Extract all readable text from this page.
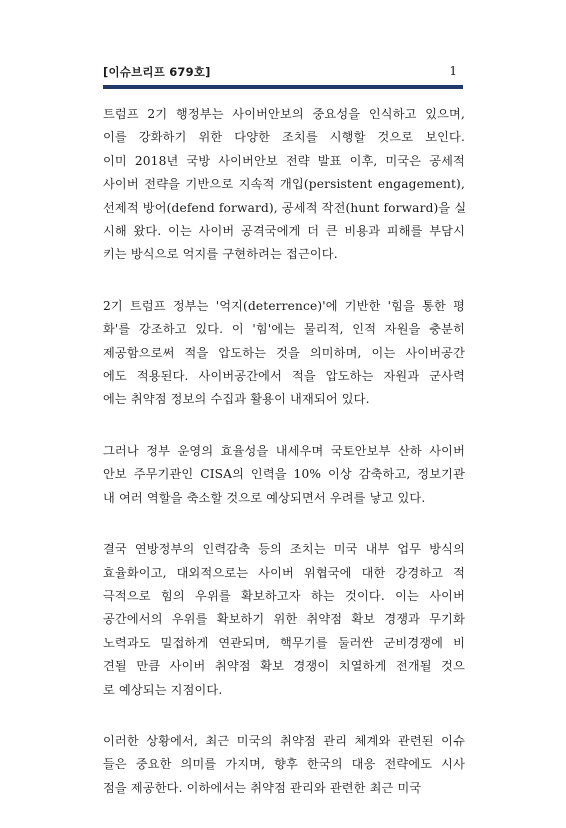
[이슈브리프 679호]	1
트럼프 2기 행정부는 사이버안보의 중요성을 인식하고 있으며,
이를 강화하기 위한 다양한 조치를 시행할 것으로 보인다.
이미 2018년 국방 사이버안보 전략 발표 이후, 미국은 공세적
사이버 전략을 기반으로 지속적 개입(persistent engagement),
선제적 방어(defend forward), 공세적 작전(hunt forward)을 실
시해 왔다. 이는 사이버 공격국에게 더 큰 비용과 피해를 부담시
키는 방식으로 억지를 구현하려는 접근이다.
2기 트럼프 정부는 '억지(deterrence)'에 기반한 '힘을 통한 평
화'를 강조하고 있다. 이 '힘'에는 물리적, 인적 자원을 충분히
제공함으로써 적을 압도하는 것을 의미하며, 이는 사이버공간
에도 적용된다. 사이버공간에서 적을 압도하는 자원과 군사력
에는 취약점 정보의 수집과 활용이 내재되어 있다.
그러나 정부 운영의 효율성을 내세우며 국토안보부 산하 사이버
안보 주무기관인 CISA의 인력을 10% 이상 감축하고, 정보기관
내 여러 역할을 축소할 것으로 예상되면서 우려를 낳고 있다.
결국 연방정부의 인력감축 등의 조치는 미국 내부 업무 방식의
효율화이고, 대외적으로는 사이버 위협국에 대한 강경하고 적
극적으로 힘의 우위를 확보하고자 하는 것이다. 이는 사이버
공간에서의 우위를 확보하기 위한 취약점 확보 경쟁과 무기화
노력과도 밀접하게 연관되며, 핵무기를 둘러싼 군비경쟁에 비
견될 만큼 사이버 취약점 확보 경쟁이 치열하게 전개될 것으
로 예상되는 지점이다.
이러한 상황에서, 최근 미국의 취약점 관리 체계와 관련된 이슈
들은 중요한 의미를 가지며, 향후 한국의 대응 전략에도 시사
점을 제공한다. 이하에서는 취약점 관리와 관련한 최근 미국
